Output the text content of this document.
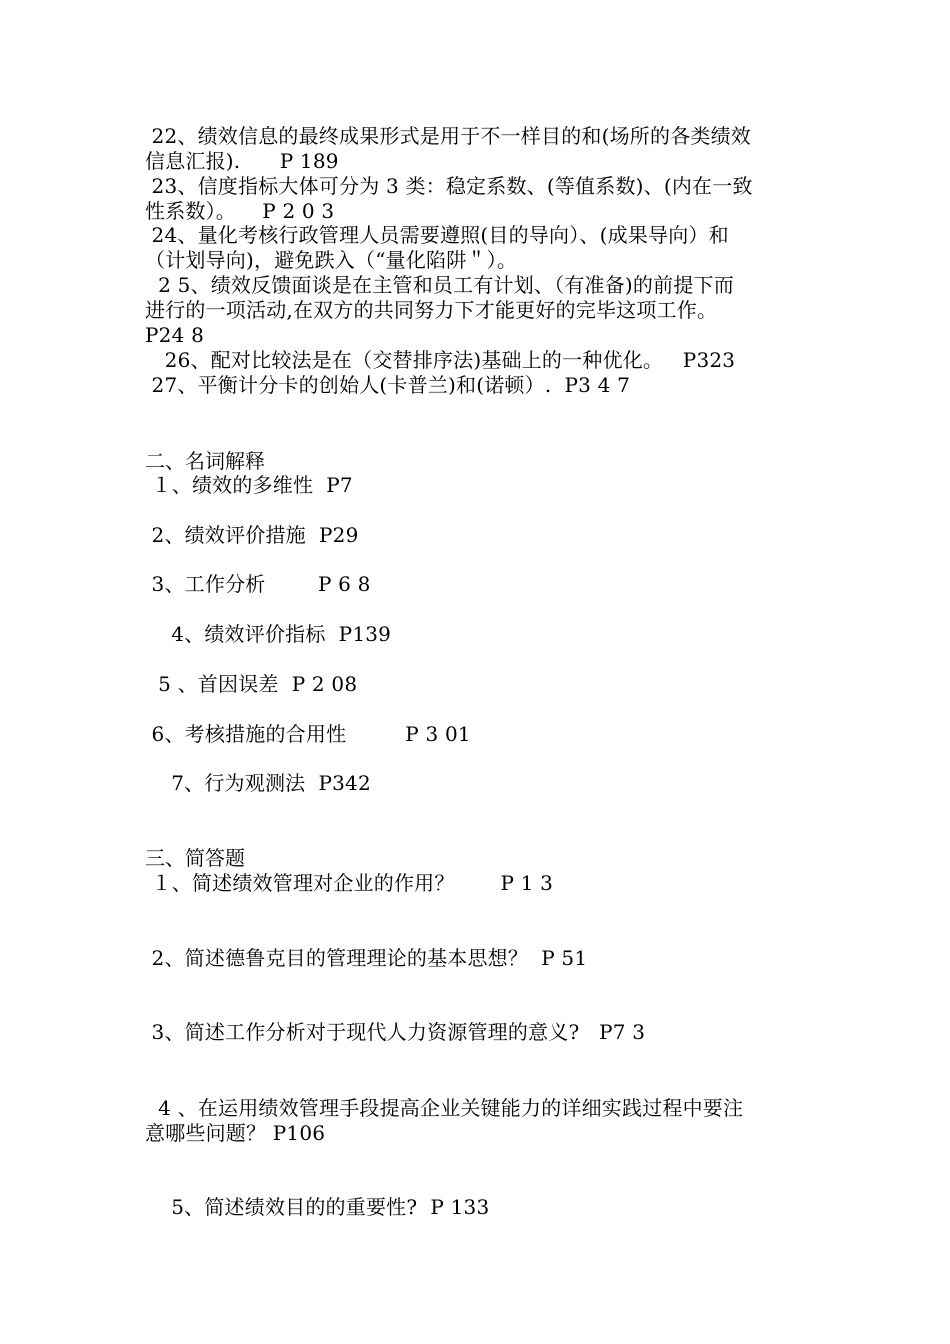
22、绩效信息的最终成果形式是用于不一样目的和(场所的各类绩效
信息汇报).      P 189
23、信度指标大体可分为 3 类：稳定系数、(等值系数)、(内在一致
性系数）。    P 2 0 3
24、量化考核行政管理人员需要遵照(目的导向）、(成果导向）和
（计划导向)，避免跌入（“量化陷阱＂）。
2 5、绩效反馈面谈是在主管和员工有计划、（有准备)的前提下而
进行的一项活动,在双方的共同努力下才能更好的完毕这项工作。
P24 8
26、配对比较法是在（交替排序法)基础上的一种优化。   P323
27、平衡计分卡的创始人(卡普兰)和(诺顿）.  P3 4 7
二、名词解释
１、绩效的多维性  P7
2、绩效评价措施  P29
3、工作分析        P 6 8
4、绩效评价指标  P139
5 、首因误差  P 2 08
6、考核措施的合用性         P 3 01
7、行为观测法  P342
三、简答题
１、简述绩效管理对企业的作用？       P 1 3
2、简述德鲁克目的管理理论的基本思想？  P 51
3、简述工作分析对于现代人力资源管理的意义?   P7 3
4 、在运用绩效管理手段提高企业关键能力的详细实践过程中要注
意哪些问题？ P106
5、简述绩效目的的重要性?  P 133
